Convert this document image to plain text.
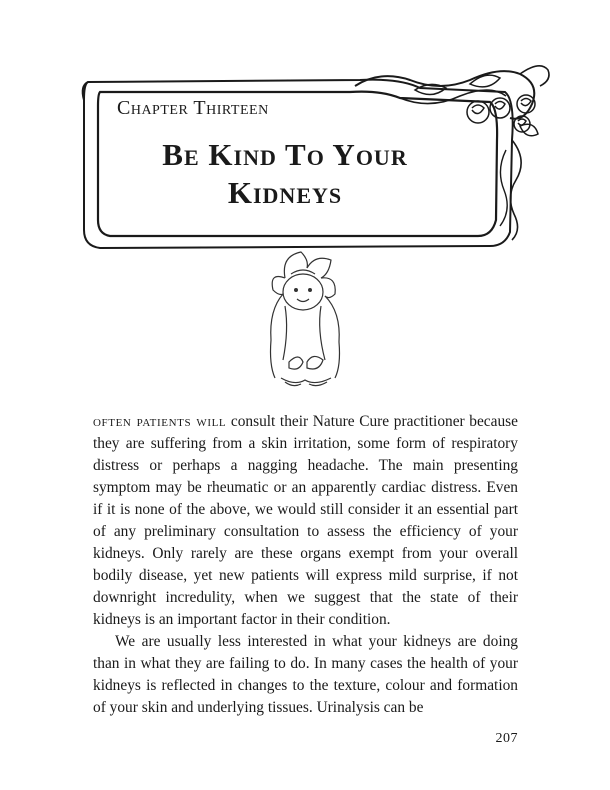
Chapter Thirteen
Be Kind To Your
Kidneys

often patients will consult their Nature Cure practitioner because they are suffering from a skin irritation, some form of respiratory distress or perhaps a nagging headache. The main presenting symptom may be rheumatic or an apparently cardiac distress. Even if it is none of the above, we would still consider it an essential part of any preliminary consultation to assess the efficiency of your kidneys. Only rarely are these organs exempt from your overall bodily disease, yet new patients will express mild surprise, if not downright incredulity, when we suggest that the state of their kidneys is an important factor in their condition.

We are usually less interested in what your kidneys are doing than in what they are failing to do. In many cases the health of your kidneys is reflected in changes to the texture, colour and formation of your skin and underlying tissues. Urinalysis can be

207
